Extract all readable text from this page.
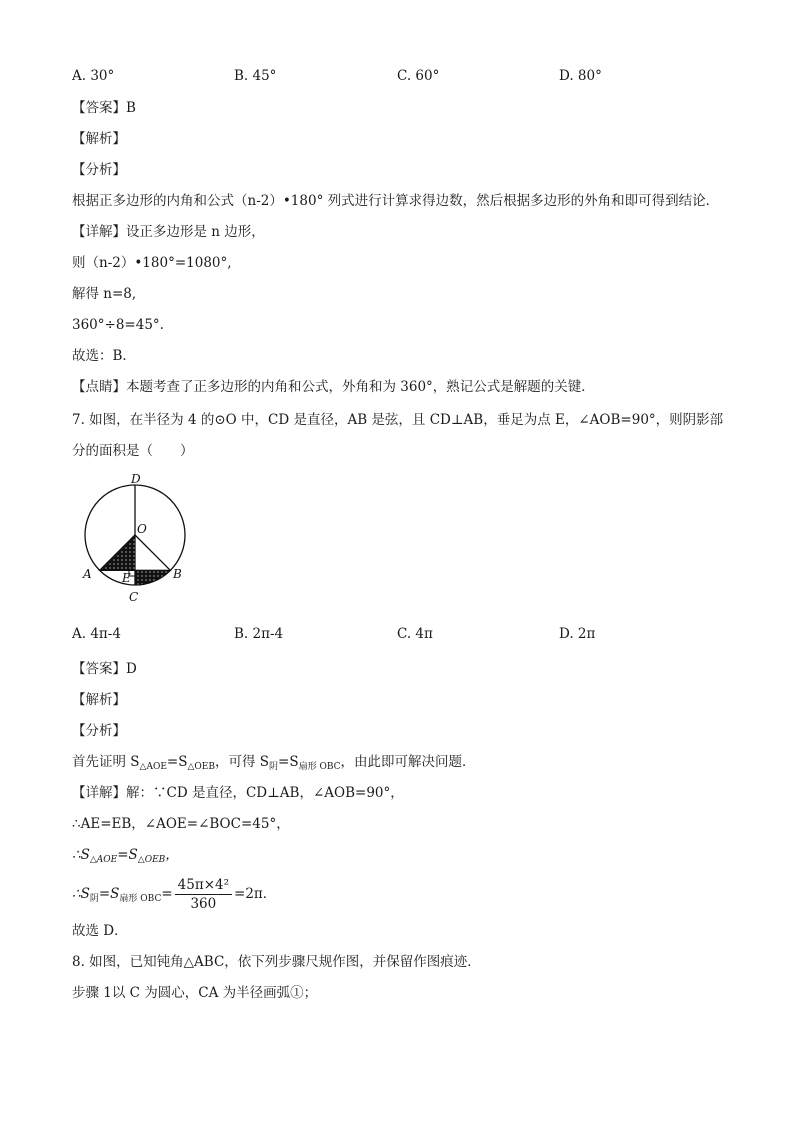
A. 30°	B. 45°	C. 60°	D. 80°
【答案】B
【解析】
【分析】
根据正多边形的内角和公式（n-2）•180° 列式进行计算求得边数，然后根据多边形的外角和即可得到结论．
【详解】设正多边形是 n 边形，
则（n-2）•180°=1080°,
解得 n=8,
360°÷8=45°.
故选：B．
【点睛】本题考查了正多边形的内角和公式，外角和为 360°，熟记公式是解题的关键．
7. 如图，在半径为 4 的⊙O 中，CD 是直径，AB 是弦，且 CD⊥AB，垂足为点 E，∠AOB=90°，则阴影部
分的面积是（　　）
D
O
A	E	B
C
A. 4π-4	B. 2π-4	C. 4π	D. 2π
【答案】D
【解析】
【分析】
首先证明 $S_{\triangle AOE}=S_{\triangle OEB}$，可得 $S_阴=S_{扇形 OBC}$，由此即可解决问题．
【详解】解：∵CD 是直径，CD⊥AB，∠AOB=90°，
∴AE=EB，∠AOE=∠BOC=45°，
$\therefore S_{\triangle AOE}=S_{\triangle OEB}$，
$\therefore S_阴=S_{扇形 OBC}= \frac{\text{45π×4²}}{360} =2\pi$．
故选 D．
8. 如图，已知钝角△ABC，依下列步骤尺规作图，并保留作图痕迹．
步骤 1以 C 为圆心，CA 为半径画弧①；
